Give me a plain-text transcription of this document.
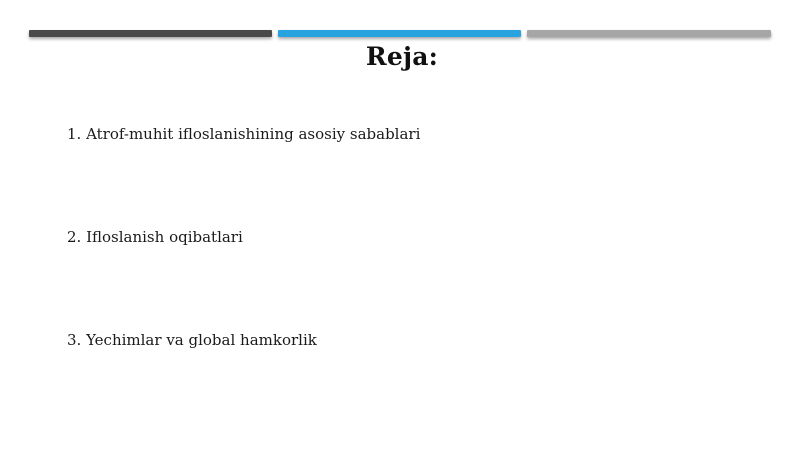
Reja:
1. Atrof-muhit ifloslanishining asosiy sabablari
2. Ifloslanish oqibatlari
3. Yechimlar va global hamkorlik
